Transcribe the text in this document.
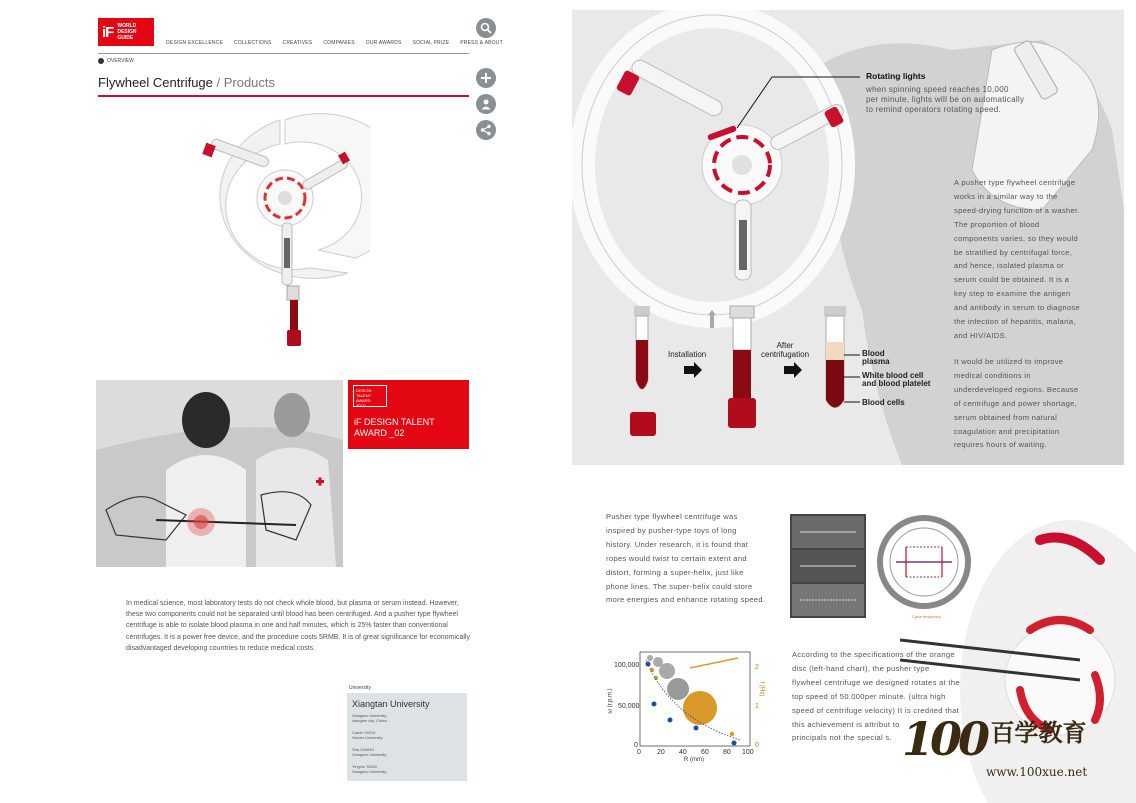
iF WORLD
DESIGN
GUIDE
DESIGN EXCELLENCE COLLECTIONS CREATIVES COMPANIES OUR AWARDS SOCIAL PRIZE PRESS & ABOUT
OVERVIEW
Flywheel Centrifuge / Products
DESIGN
TALENT AWARD
2017
iF DESIGN TALENT
AWARD _02
In medical science, most laboratory tests do not check whole blood, but plasma or serum instead. However, these two components could not be separated until blood has been centrifuged. And a pusher type flywheel centrifuge is able to isolate blood plasma in one and half minutes, which is 25% faster than conventional centrifuges. It is a power free device, and the procedure costs 5RMB. It is of great significance for economically disadvantaged developing countries to reduce medical costs.
University
Xiangtan University
Xiangtan University
xiangtan city, China
Caizhi ZHOU
Hunan University
Sha ZHANG
Xiangtan University
Yingxin TANG
Xiangtan University
Rotating lights
when spinning speed reaches 10,000
per minute, lights will be on automatically
to remind operators rotating speed.
A pusher type flywheel centrifuge
works in a similar way to the
speed-drying function of a washer.
The proportion of blood
components varies, so they would
be stratified by centrifugal force,
and hence, isolated plasma or
serum could be obtained. It is a
key step to examine the antigen
and antibody in serum to diagnose
the infection of hepatitis, malaria,
and HIV/AIDS.
It would be utilized to improve
medical conditions in
underdeveloped regions. Because
of centrifuge and power shortage,
serum obtained from natural
coagulation and precipitation
requires hours of waiting.
Installation
After
centrifugation	Blood
plasma
White blood cell
and blood platelet
Blood cells
Pusher type flywheel centrifuge was
inspired by pusher-type toys of long
history. Under research, it is found that
ropes would twist to certain extent and
distort, forming a super-helix, just like
phone lines. The super-helix could store
more energies and enhance rotating speed.
Cycle frequency
100,000
50,000
0
0 20 40 60 80 100
2
1
0
R (mm)
ω (r.p.m.)	f (Hz)
According to the specifications of the orange
disc (left-hand chart), the pusher type
flywheel centrifuge we designed rotates at the
top speed of 50.000per minute. (ultra high
speed of centrifuge velocity) It is credited that
this achievement is attribut to
principals not the special s. 100 百学教育
www.100xue.net
